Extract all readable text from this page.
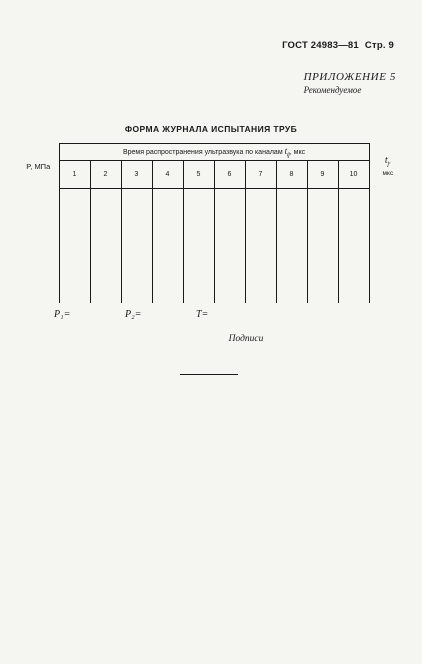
ГОСТ 24983—81 Стр. 9
ПРИЛОЖЕНИЕ 5
Рекомендуемое
ФОРМА ЖУРНАЛА ИСПЫТАНИЯ ТРУБ
P, МПа	Время распространения ультразвука по каналам $t_{ij}$, мкс										$t_j$,
мкс
	1	2	3	4	5	6	7	8	9	10	

P₁=	P₂=	T=
Подписи
